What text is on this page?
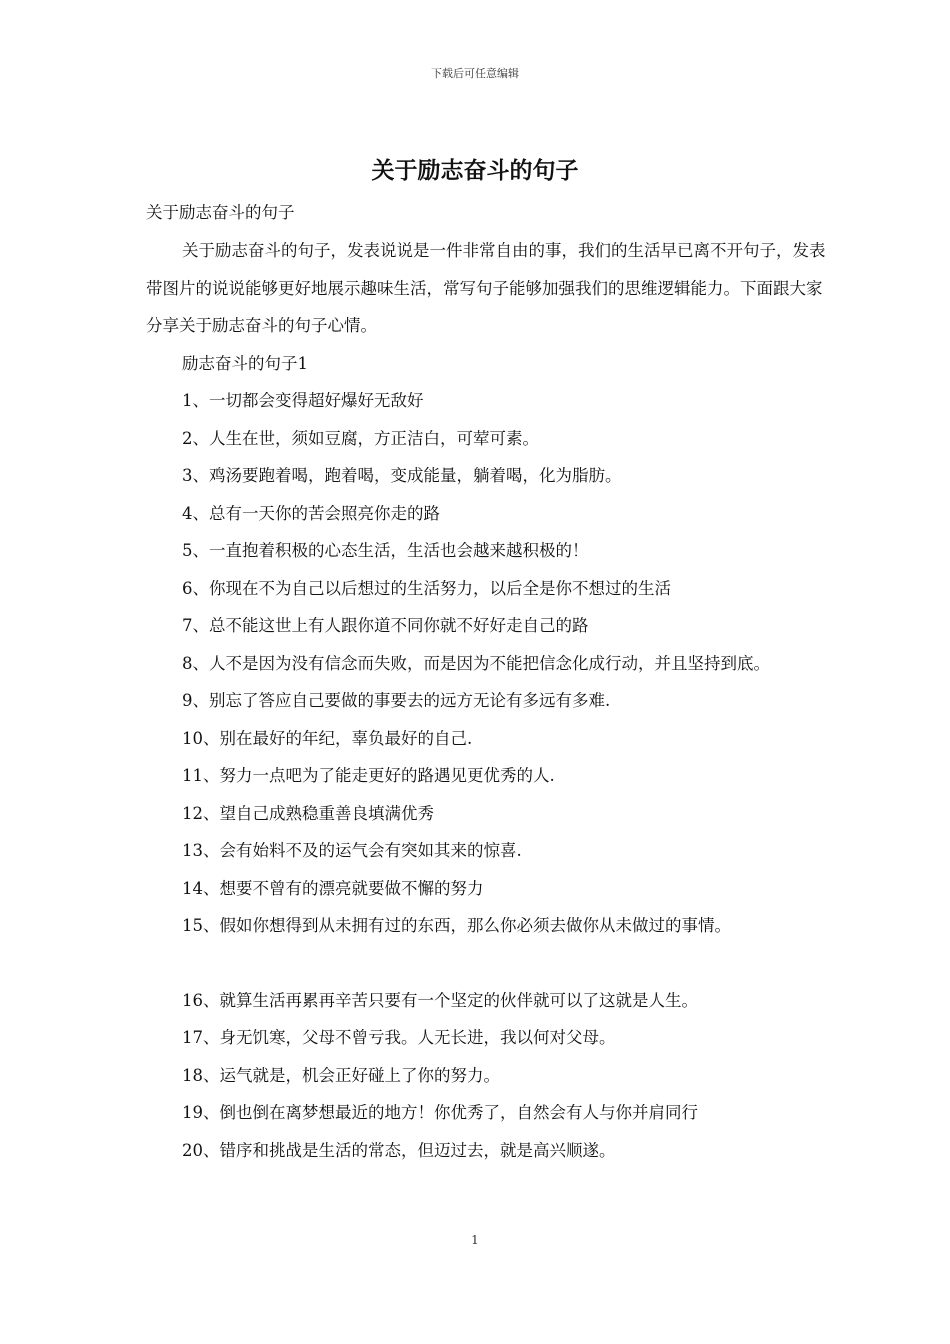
下载后可任意编辑
关于励志奋斗的句子

关于励志奋斗的句子

关于励志奋斗的句子，发表说说是一件非常自由的事，我们的生活早已离不开句子，发表带图片的说说能够更好地展示趣味生活，常写句子能够加强我们的思维逻辑能力。下面跟大家分享关于励志奋斗的句子心情。

励志奋斗的句子1

1、一切都会变得超好爆好无敌好
2、人生在世，须如豆腐，方正洁白，可荤可素。
3、鸡汤要跑着喝，跑着喝，变成能量，躺着喝，化为脂肪。
4、总有一天你的苦会照亮你走的路
5、一直抱着积极的心态生活，生活也会越来越积极的！
6、你现在不为自己以后想过的生活努力，以后全是你不想过的生活
7、总不能这世上有人跟你道不同你就不好好走自己的路
8、人不是因为没有信念而失败，而是因为不能把信念化成行动，并且坚持到底。
9、别忘了答应自己要做的事要去的远方无论有多远有多难.
10、别在最好的年纪，辜负最好的自己.
11、努力一点吧为了能走更好的路遇见更优秀的人.
12、望自己成熟稳重善良填满优秀
13、会有始料不及的运气会有突如其来的惊喜.
14、想要不曾有的漂亮就要做不懈的努力
15、假如你想得到从未拥有过的东西，那么你必须去做你从未做过的事情。
16、就算生活再累再辛苦只要有一个坚定的伙伴就可以了这就是人生。
17、身无饥寒，父母不曾亏我。人无长进，我以何对父母。
18、运气就是，机会正好碰上了你的努力。
19、倒也倒在离梦想最近的地方！你优秀了，自然会有人与你并肩同行
20、错序和挑战是生活的常态，但迈过去，就是高兴顺遂。
1
